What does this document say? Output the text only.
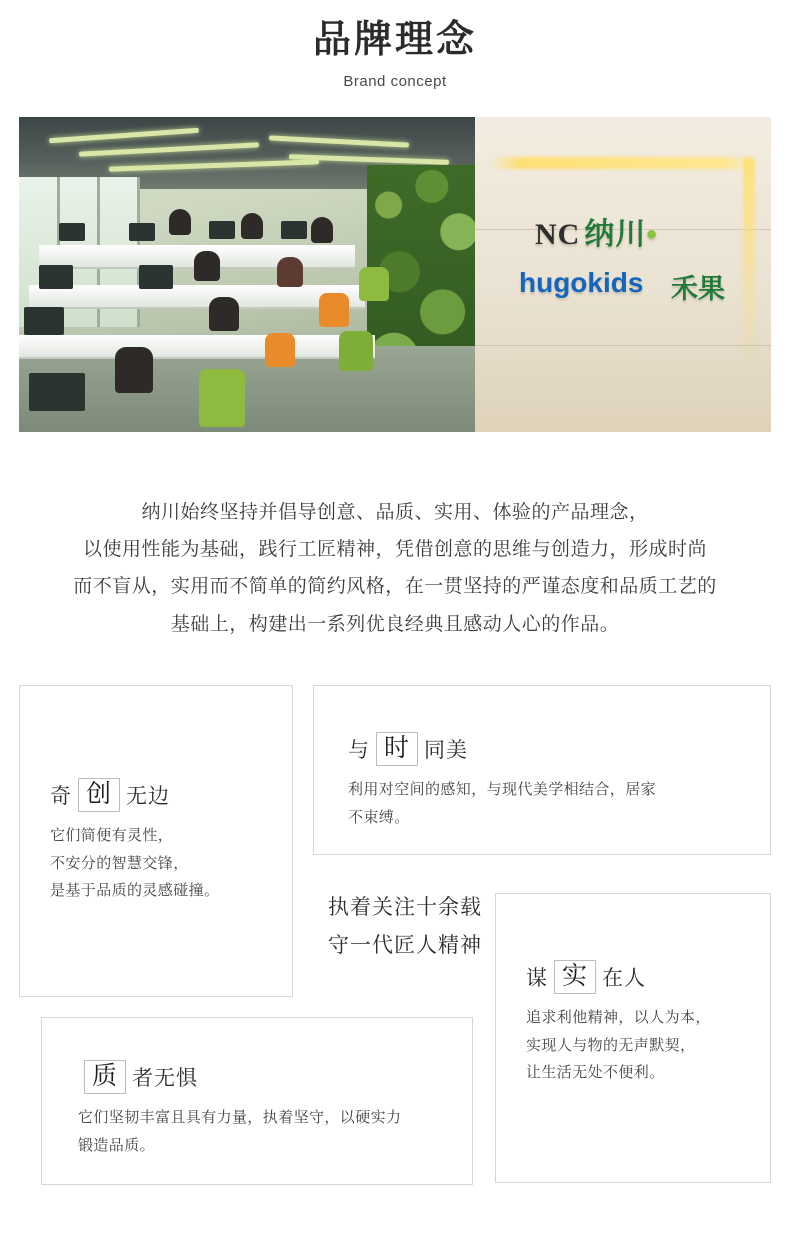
品牌理念
Brand concept
NC 纳川•
hugokids 禾果
纳川始终坚持并倡导创意、品质、实用、体验的产品理念，
以使用性能为基础，践行工匠精神，凭借创意的思维与创造力，形成时尚
而不盲从，实用而不简单的简约风格，在一贯坚持的严谨态度和品质工艺的
基础上，构建出一系列优良经典且感动人心的作品。
奇 创 无边
它们简便有灵性，
不安分的智慧交锋，
是基于品质的灵感碰撞。
与 时 同美
利用对空间的感知，与现代美学相结合，居家
不束缚。
谋 实 在人
追求利他精神，以人为本，
实现人与物的无声默契，
让生活无处不便利。
质 者无惧
它们坚韧丰富且具有力量，执着坚守，以硬实力
锻造品质。
执着关注十余载
守一代匠人精神
